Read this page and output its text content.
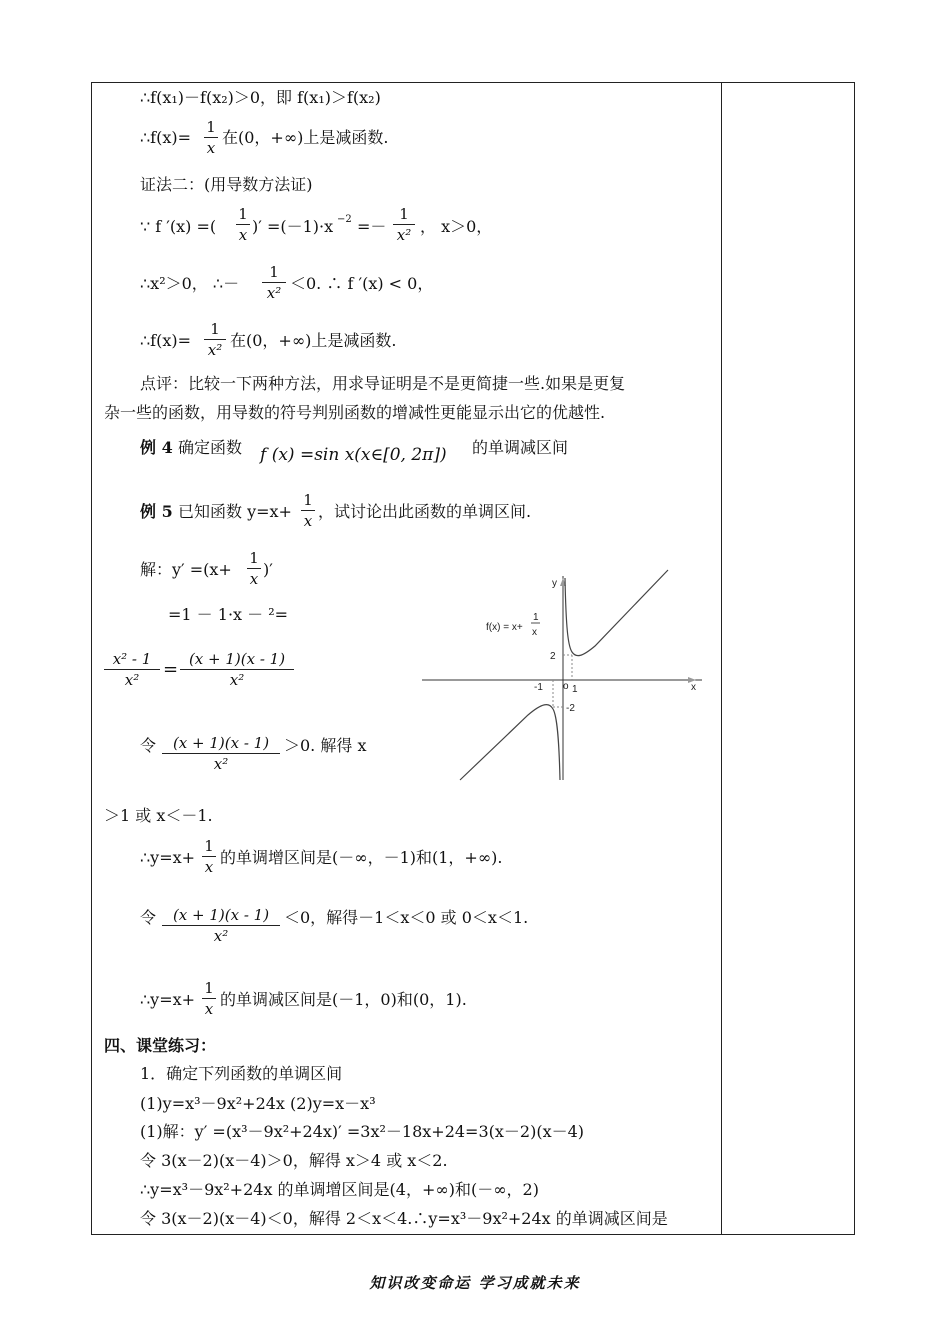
∴f(x₁)－f(x₂)＞0，即 f(x₁)＞f(x₂)
∴f(x)=
1
x
在(0，+∞)上是减函数.
证法二：(用导数方法证)
∵ f ′(x) =(
1
x )′ =(－1)·x −2 =－
1
x² ， x＞0，
∴x²＞0， ∴－
1
x² ＜0. ∴ f ′(x) < 0，
∴f(x)=
1
x² 在(0，+∞)上是减函数.
点评：比较一下两种方法，用求导证明是不是更简捷一些.如果是更复
杂一些的函数，用导数的符号判别函数的增减性更能显示出它的优越性.
例 4 确定函数 f (x) =sin x(x∈[0, 2π]) 的单调减区间
例 5 已知函数 y=x+
1
x ，试讨论出此函数的单调区间.
解：y′ =(x+
1
x )′
=1 － 1·x － ²=
x² - 1
x²	= (x + 1)(x - 1)
x²
令	(x + 1)(x - 1)
x²
＞0. 解得 x
＞1 或 x＜－1.
∴y=x+
1
x 的单调增区间是(－∞，－1)和(1，+∞).
令	(x + 1)(x - 1)
x²
＜0，解得－1＜x＜0 或 0＜x＜1.
∴y=x+
1
x 的单调减区间是(－1，0)和(0，1).
四、课堂练习：
1．确定下列函数的单调区间
(1)y=x³－9x²+24x (2)y=x－x³
(1)解：y′ =(x³－9x²+24x)′ =3x²－18x+24=3(x－2)(x－4)
令 3(x－2)(x－4)＞0，解得 x＞4 或 x＜2.
∴y=x³－9x²+24x 的单调增区间是(4，+∞)和(－∞，2)
令 3(x－2)(x－4)＜0，解得 2＜x＜4.∴y=x³－9x²+24x 的单调减区间是
y
x
f(x) = x+
1
x
2
-2
-1	1
o
知识改变命运 学习成就未来
